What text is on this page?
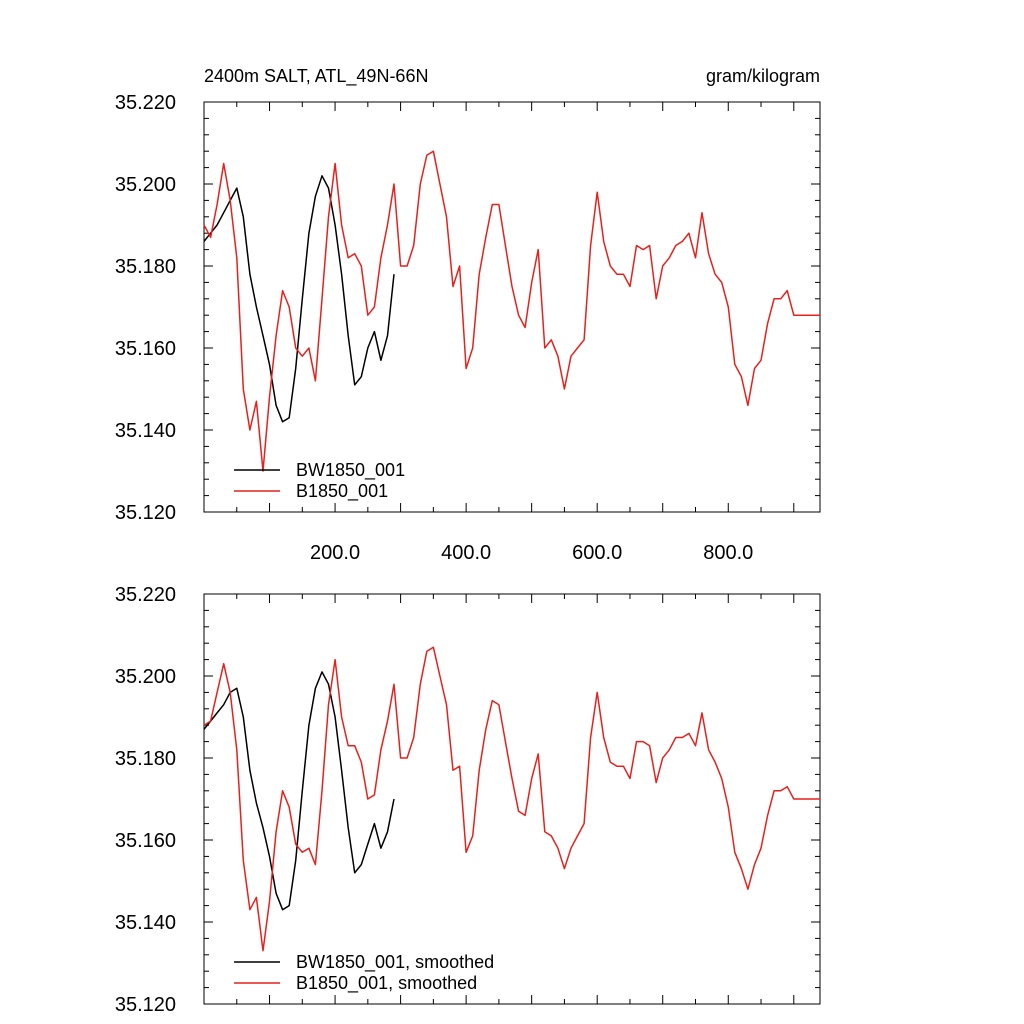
2400m SALT, ATL_49N-66N	gram/kilogram
35.120
35.140
35.160
35.180
35.200
35.220
200.0	400.0	600.0	800.0
BW1850_001
B1850_001
35.120
35.140
35.160
35.180
35.200
35.220
BW1850_001, smoothed
B1850_001, smoothed
